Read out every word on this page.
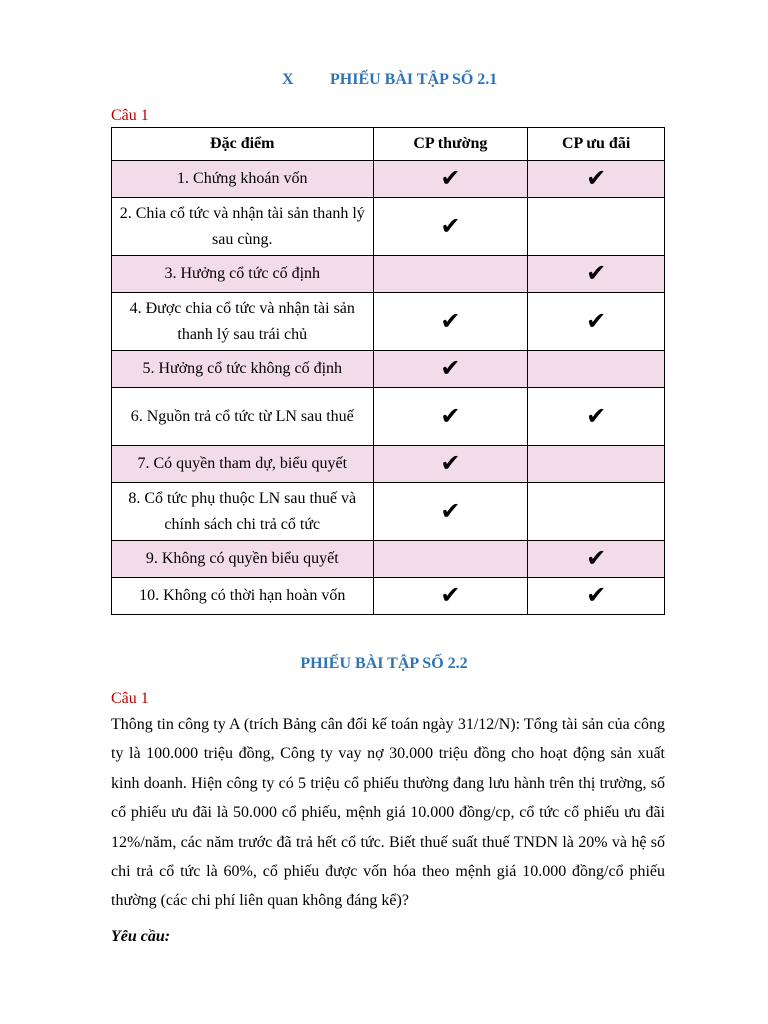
X PHIẾU BÀI TẬP SỐ 2.1
Câu 1
Đặc điểm	CP thường	CP ưu đãi
1. Chứng khoán vốn	✔	✔
2. Chia cổ tức và nhận tài sản thanh lý sau cùng.	✔	
3. Hưởng cổ tức cố định		✔
4. Được chia cổ tức và nhận tài sản thanh lý sau trái chủ	✔	✔
5. Hưởng cổ tức không cố định	✔	
6. Nguồn trả cổ tức từ LN sau thuế	✔	✔
7. Có quyền tham dự, biểu quyết	✔	
8. Cổ tức phụ thuộc LN sau thuế và chính sách chi trả cổ tức	✔	
9. Không có quyền biểu quyết		✔
10. Không có thời hạn hoàn vốn	✔	✔
PHIẾU BÀI TẬP SỐ 2.2
Câu 1
Thông tin công ty A (trích Bảng cân đối kế toán ngày 31/12/N): Tổng tài sản của công ty là 100.000 triệu đồng, Công ty vay nợ 30.000 triệu đồng cho hoạt động sản xuất kinh doanh. Hiện công ty có 5 triệu cổ phiếu thường đang lưu hành trên thị trường, số cổ phiếu ưu đãi là 50.000 cổ phiếu, mệnh giá 10.000 đồng/cp, cổ tức cổ phiếu ưu đãi 12%/năm, các năm trước đã trả hết cổ tức. Biết thuế suất thuế TNDN là 20% và hệ số chi trả cổ tức là 60%, cổ phiếu được vốn hóa theo mệnh giá 10.000 đồng/cổ phiếu thường (các chi phí liên quan không đáng kể)?
Yêu cầu:
